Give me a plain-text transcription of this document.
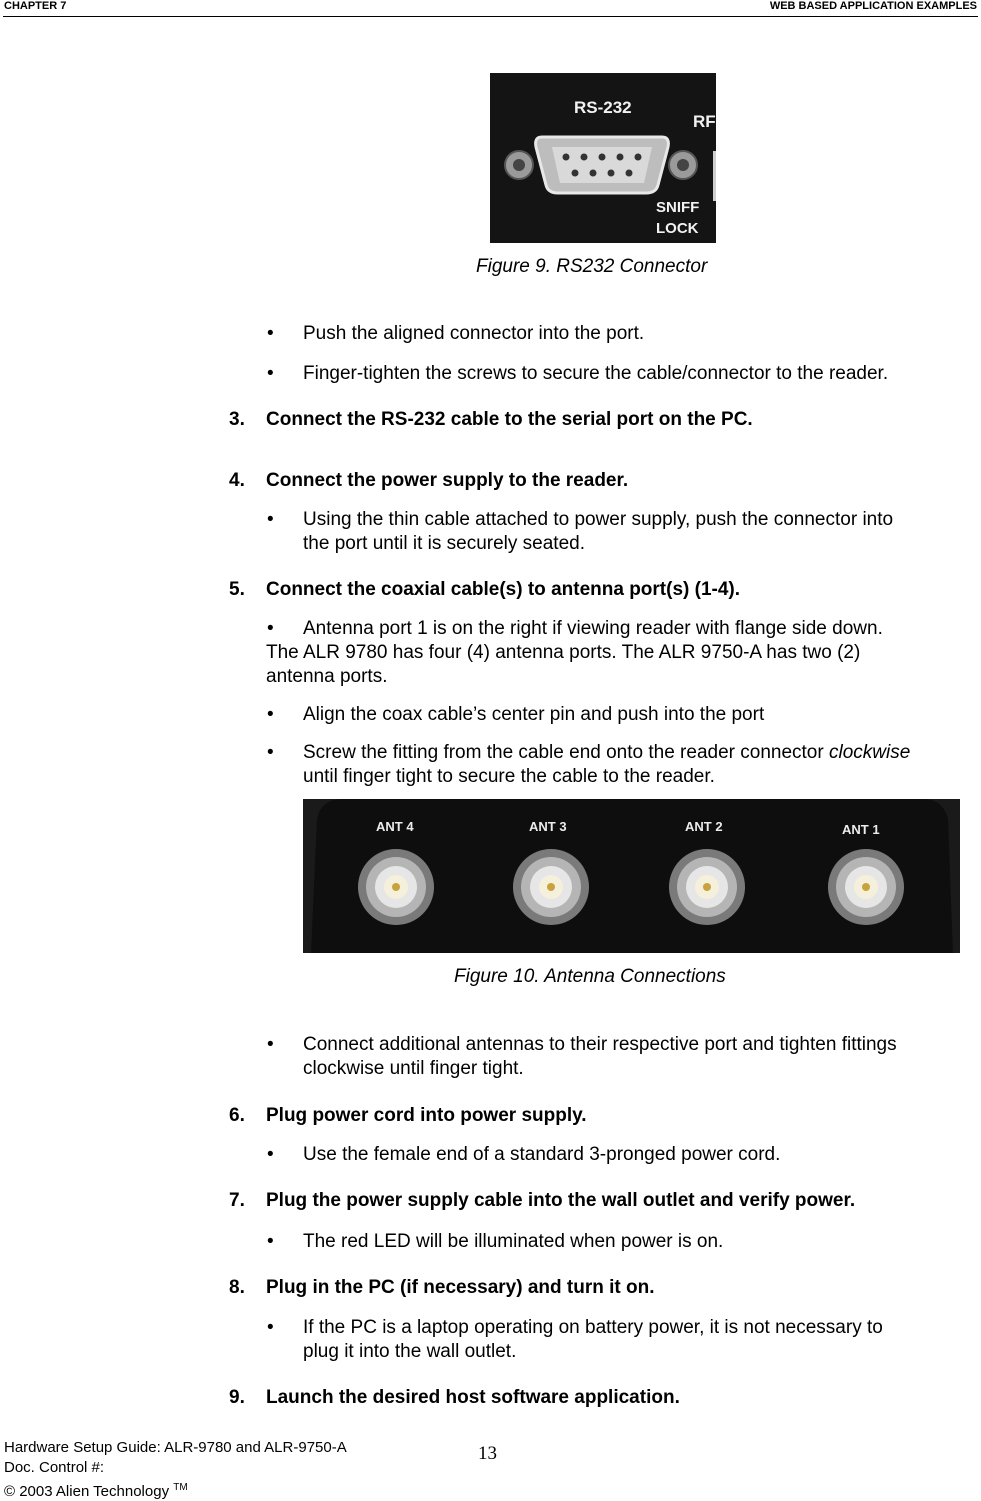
CHAPTER 7	WEB BASED APPLICATION EXAMPLES
RS-232
RF
SNIFF
LOCK
Figure 9. RS232 Connector
• Push the aligned connector into the port.
• Finger-tighten the screws to secure the cable/connector to the reader.
3. Connect the RS-232 cable to the serial port on the PC.
4. Connect the power supply to the reader.
• Using the thin cable attached to power supply, push the connector into
the port until it is securely seated.
5. Connect the coaxial cable(s) to antenna port(s) (1-4).
• Antenna port 1 is on the right if viewing reader with flange side down.
The ALR 9780 has four (4) antenna ports. The ALR 9750-A has two (2)
antenna ports.
• Align the coax cable’s center pin and push into the port
• Screw the fitting from the cable end onto the reader connector clockwise
until finger tight to secure the cable to the reader.
ANT 4	ANT 3	ANT 2	ANT 1
Figure 10. Antenna Connections
• Connect additional antennas to their respective port and tighten fittings
clockwise until finger tight.
6. Plug power cord into power supply.
• Use the female end of a standard 3-pronged power cord.
7. Plug the power supply cable into the wall outlet and verify power.
• The red LED will be illuminated when power is on.
8. Plug in the PC (if necessary) and turn it on.
• If the PC is a laptop operating on battery power, it is not necessary to
plug it into the wall outlet.
9. Launch the desired host software application.
Hardware Setup Guide: ALR-9780 and ALR-9750-A
Doc. Control #:
© 2003 Alien Technology ™
13
